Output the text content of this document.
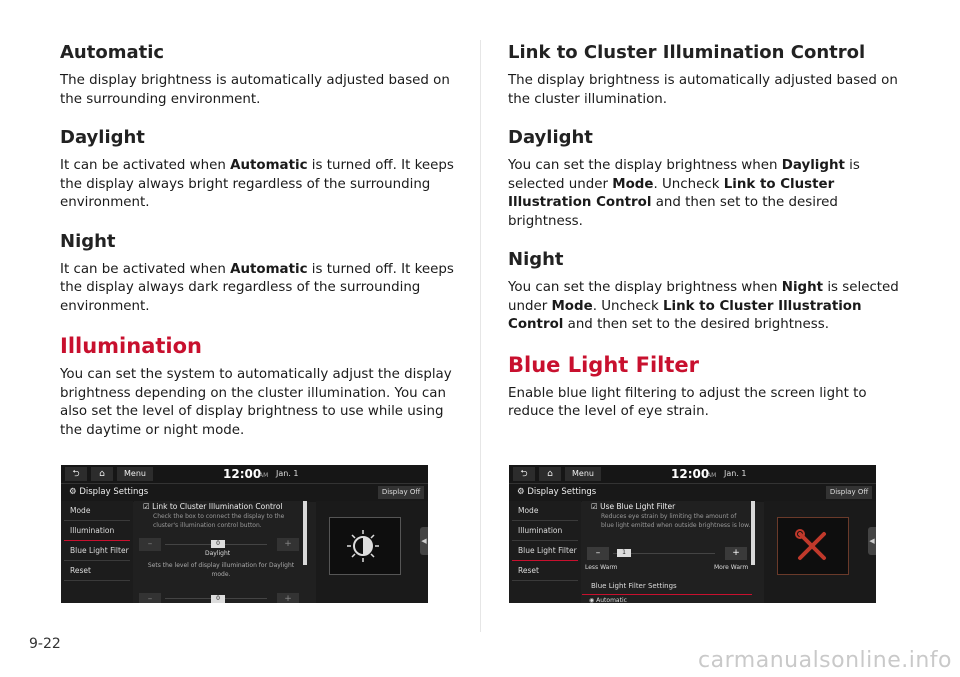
Automatic

The display brightness is automatically adjusted based on the surrounding environment.

Daylight

It can be activated when Automatic is turned off. It keeps the display always bright regardless of the surrounding environment.

Night

It can be activated when Automatic is turned off. It keeps the display always dark regardless of the surrounding environment.

Illumination

You can set the system to automatically adjust the display brightness depending on the cluster illumination. You can also set the level of display brightness to use while using the daytime or night mode.

Link to Cluster Illumination Control

The display brightness is automatically adjusted based on the cluster illumination.

Daylight

You can set the display brightness when Daylight is selected under Mode. Uncheck Link to Cluster Illustration Control and then set to the desired brightness.

Night

You can set the display brightness when Night is selected under Mode. Uncheck Link to Cluster Illustration Control and then set to the desired brightness.

Blue Light Filter

Enable blue light filtering to adjust the screen light to reduce the level of eye strain.

⮌	⌂	Menu	12:00
AM Jan. 1
⚙ Display Settings	Display Off
Mode
Illumination
Blue Light Filter
Reset
☑ Link to Cluster Illumination Control
Check the box to connect the display to the cluster's illumination control button.
–	0	+
Daylight
Sets the level of display illumination for Daylight mode.
–	0	+
◀
⮌	⌂	Menu	12:00
AM Jan. 1
⚙ Display Settings	Display Off
Mode
Illumination
Blue Light Filter
Reset
☑ Use Blue Light Filter
Reduces eye strain by limiting the amount of blue light emitted when outside brightness is low.
–	1	+
Less Warm	More Warm
Blue Light Filter Settings
◉ Automatic
◀
9-22
carmanualsonline.info
